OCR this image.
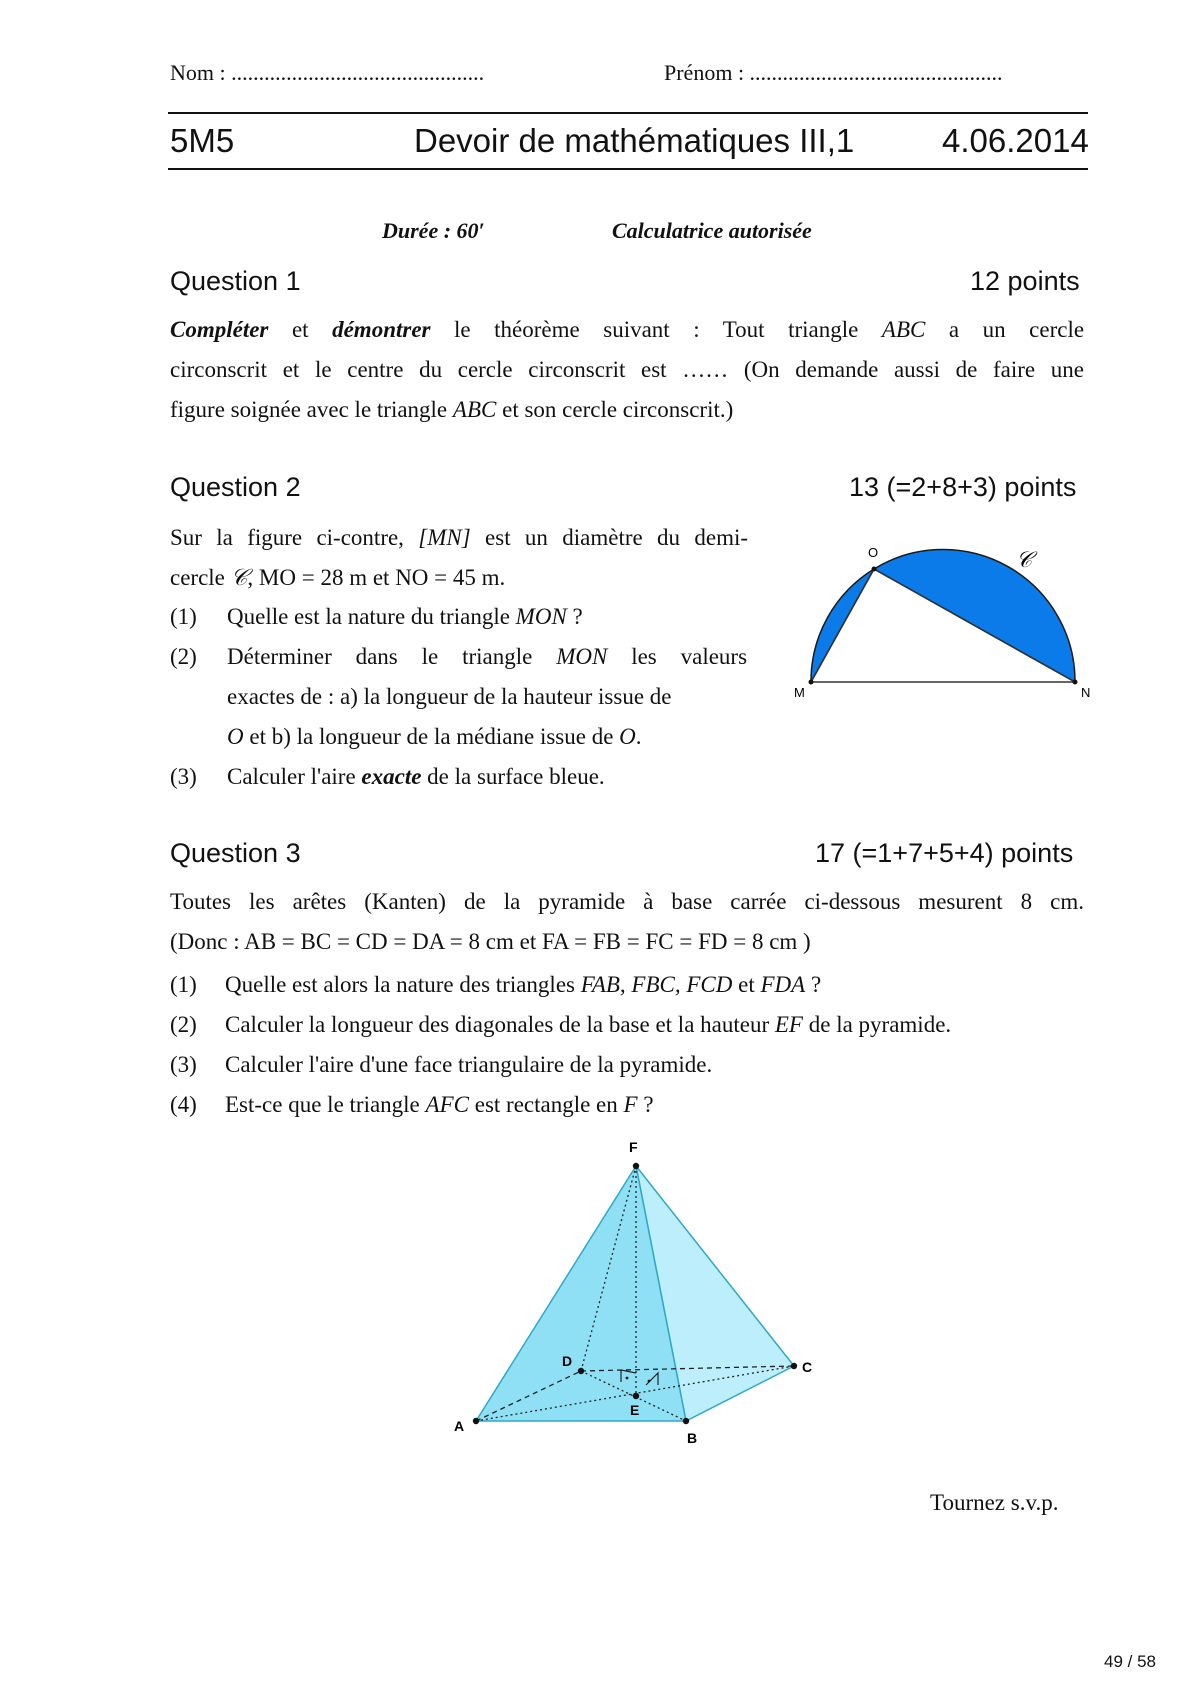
Nom : ..............................................	Prénom : ..............................................
5M5	Devoir de mathématiques III,1	4.06.2014
Durée : 60′	Calculatrice autorisée
Question 1	12 points
Compléter et démontrer le théorème suivant : Tout triangle ABC a un cercle
circonscrit et le centre du cercle circonscrit est …… (On demande aussi de faire une
figure soignée avec le triangle ABC et son cercle circonscrit.)
Question 2	13 (=2+8+3) points
Sur la figure ci-contre, [MN] est un diamètre du demi-
cercle 𝒞, MO = 28 m et NO = 45 m.
(1) Quelle est la nature du triangle MON ?
(2) Déterminer dans le triangle MON les valeurs
exactes de : a) la longueur de la hauteur issue de
O et b) la longueur de la médiane issue de O.
(3) Calculer l'aire exacte de la surface bleue.
O	𝒞
M	N
Question 3	17 (=1+7+5+4) points
Toutes les arêtes (Kanten) de la pyramide à base carrée ci-dessous mesurent 8 cm.
(Donc : AB = BC = CD = DA = 8 cm et FA = FB = FC = FD = 8 cm )
(1) Quelle est alors la nature des triangles FAB, FBC, FCD et FDA ?
(2) Calculer la longueur des diagonales de la base et la hauteur EF de la pyramide.
(3) Calculer l'aire d'une face triangulaire de la pyramide.
(4) Est-ce que le triangle AFC est rectangle en F ?
F
D	C
E
A
B
Tournez s.v.p.
49 / 58
